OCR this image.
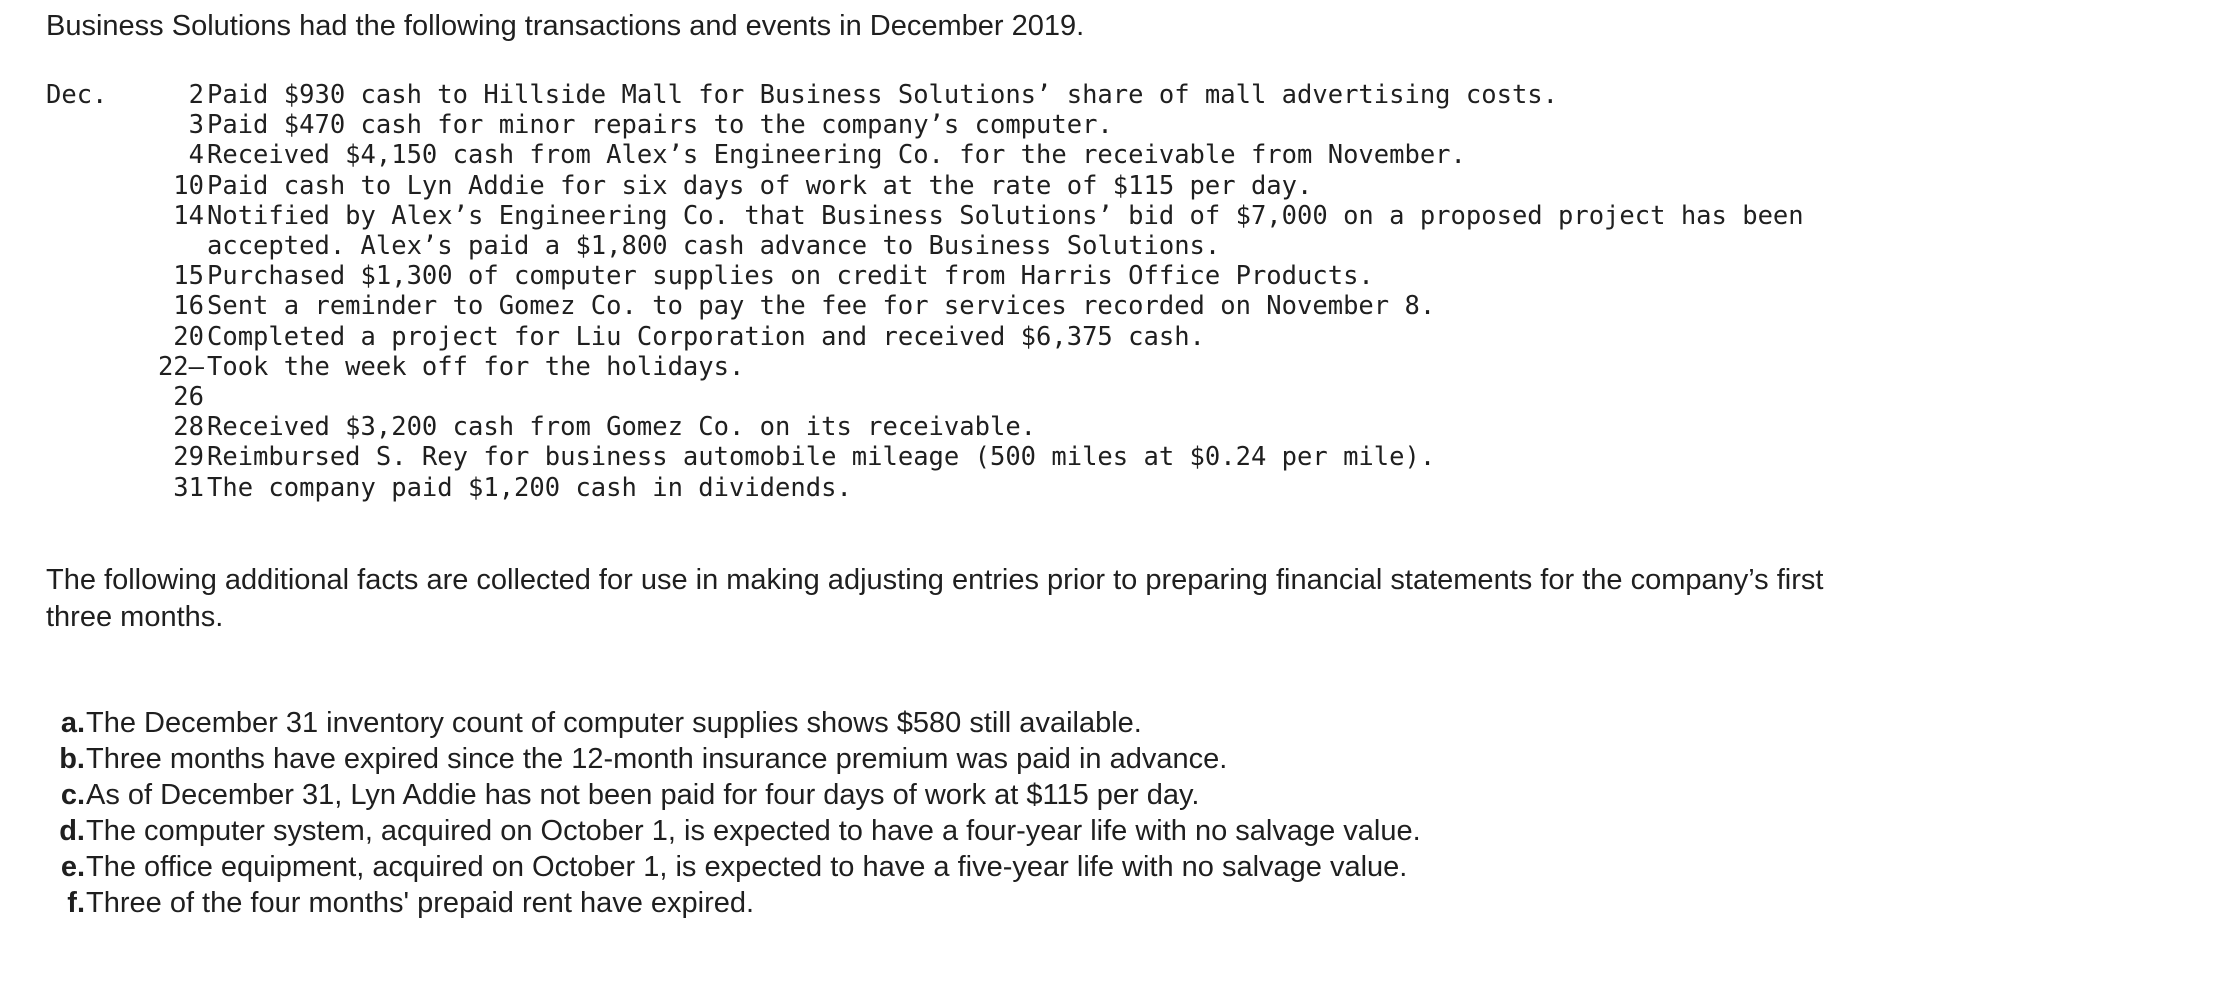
Business Solutions had the following transactions and events in December 2019.

Dec.	2 Paid $930 cash to Hillside Mall for Business Solutions’ share of mall advertising costs.
3 Paid $470 cash for minor repairs to the company’s computer.
4 Received $4,150 cash from Alex’s Engineering Co. for the receivable from November.
10 Paid cash to Lyn Addie for six days of work at the rate of $115 per day.
14 Notified by Alex’s Engineering Co. that Business Solutions’ bid of $7,000 on a proposed project has been
accepted. Alex’s paid a $1,800 cash advance to Business Solutions.
15 Purchased $1,300 of computer supplies on credit from Harris Office Products.
16 Sent a reminder to Gomez Co. to pay the fee for services recorded on November 8.
20 Completed a project for Liu Corporation and received $6,375 cash.
22– Took the week off for the holidays.
26
28 Received $3,200 cash from Gomez Co. on its receivable.
29 Reimbursed S. Rey for business automobile mileage (500 miles at $0.24 per mile).
31 The company paid $1,200 cash in dividends.

The following additional facts are collected for use in making adjusting entries prior to preparing financial statements for the company’s first three months.

a. The December 31 inventory count of computer supplies shows $580 still available.
b. Three months have expired since the 12-month insurance premium was paid in advance.
c. As of December 31, Lyn Addie has not been paid for four days of work at $115 per day.
d. The computer system, acquired on October 1, is expected to have a four-year life with no salvage value.
e. The office equipment, acquired on October 1, is expected to have a five-year life with no salvage value.
f. Three of the four months' prepaid rent have expired.
